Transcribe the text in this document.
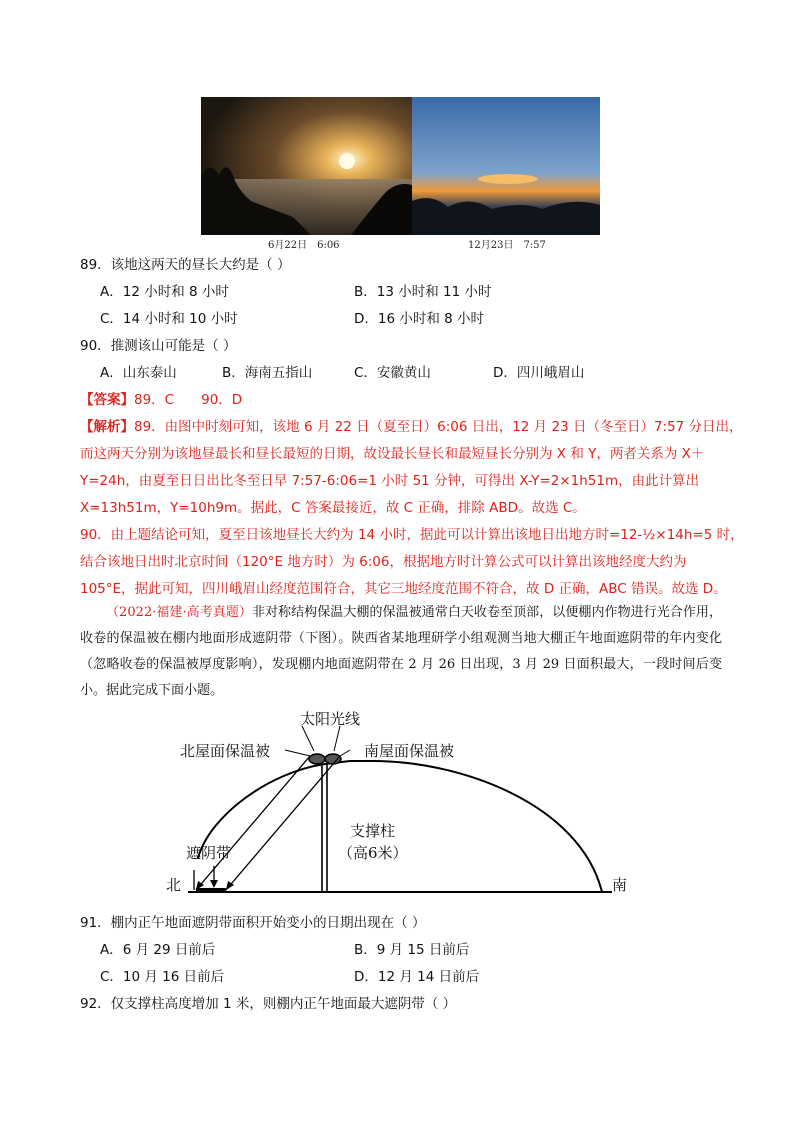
6月22日　6:06	12月23日　7:57
89．该地这两天的昼长大约是（ ）
A．12 小时和 8 小时	B．13 小时和 11 小时
C．14 小时和 10 小时	D．16 小时和 8 小时
90．推测该山可能是（ ）
A．山东泰山	B．海南五指山	C．安徽黄山	D．四川峨眉山
【答案】89．C　　90．D
【解析】89．由图中时刻可知，该地 6 月 22 日（夏至日）6:06 日出，12 月 23 日（冬至日）7:57 分日出，
而这两天分别为该地昼最长和昼长最短的日期，故设最长昼长和最短昼长分别为 X 和 Y，两者关系为 X＋
Y=24h，由夏至日日出比冬至日早 7:57-6:06=1 小时 51 分钟，可得出 X-Y=2×1h51m，由此计算出
X=13h51m，Y=10h9m。据此，C 答案最接近，故 C 正确，排除 ABD。故选 C。
90．由上题结论可知，夏至日该地昼长大约为 14 小时，据此可以计算出该地日出地方时=12-½×14h=5 时，
结合该地日出时北京时间（120°E 地方时）为 6:06，根据地方时计算公式可以计算出该地经度大约为
105°E，据此可知，四川峨眉山经度范围符合，其它三地经度范围不符合，故 D 正确，ABC 错误。故选 D。
（2022·福建·高考真题）非对称结构保温大棚的保温被通常白天收卷至顶部，以便棚内作物进行光合作用，收卷的保温被在棚内地面形成遮阴带（下图）。陕西省某地理研学小组观测当地大棚正午地面遮阴带的年内变化（忽略收卷的保温被厚度影响），发现棚内地面遮阴带在 2 月 26 日出现，3 月 29 日面积最大，一段时间后变小。据此完成下面小题。
太阳光线
北屋面保温被	南屋面保温被
支撑柱
（高6米）
遮阴带
北	南
91．棚内正午地面遮阴带面积开始变小的日期出现在（ ）
A．6 月 29 日前后	B．9 月 15 日前后
C．10 月 16 日前后	D．12 月 14 日前后
92．仅支撑柱高度增加 1 米，则棚内正午地面最大遮阴带（ ）
